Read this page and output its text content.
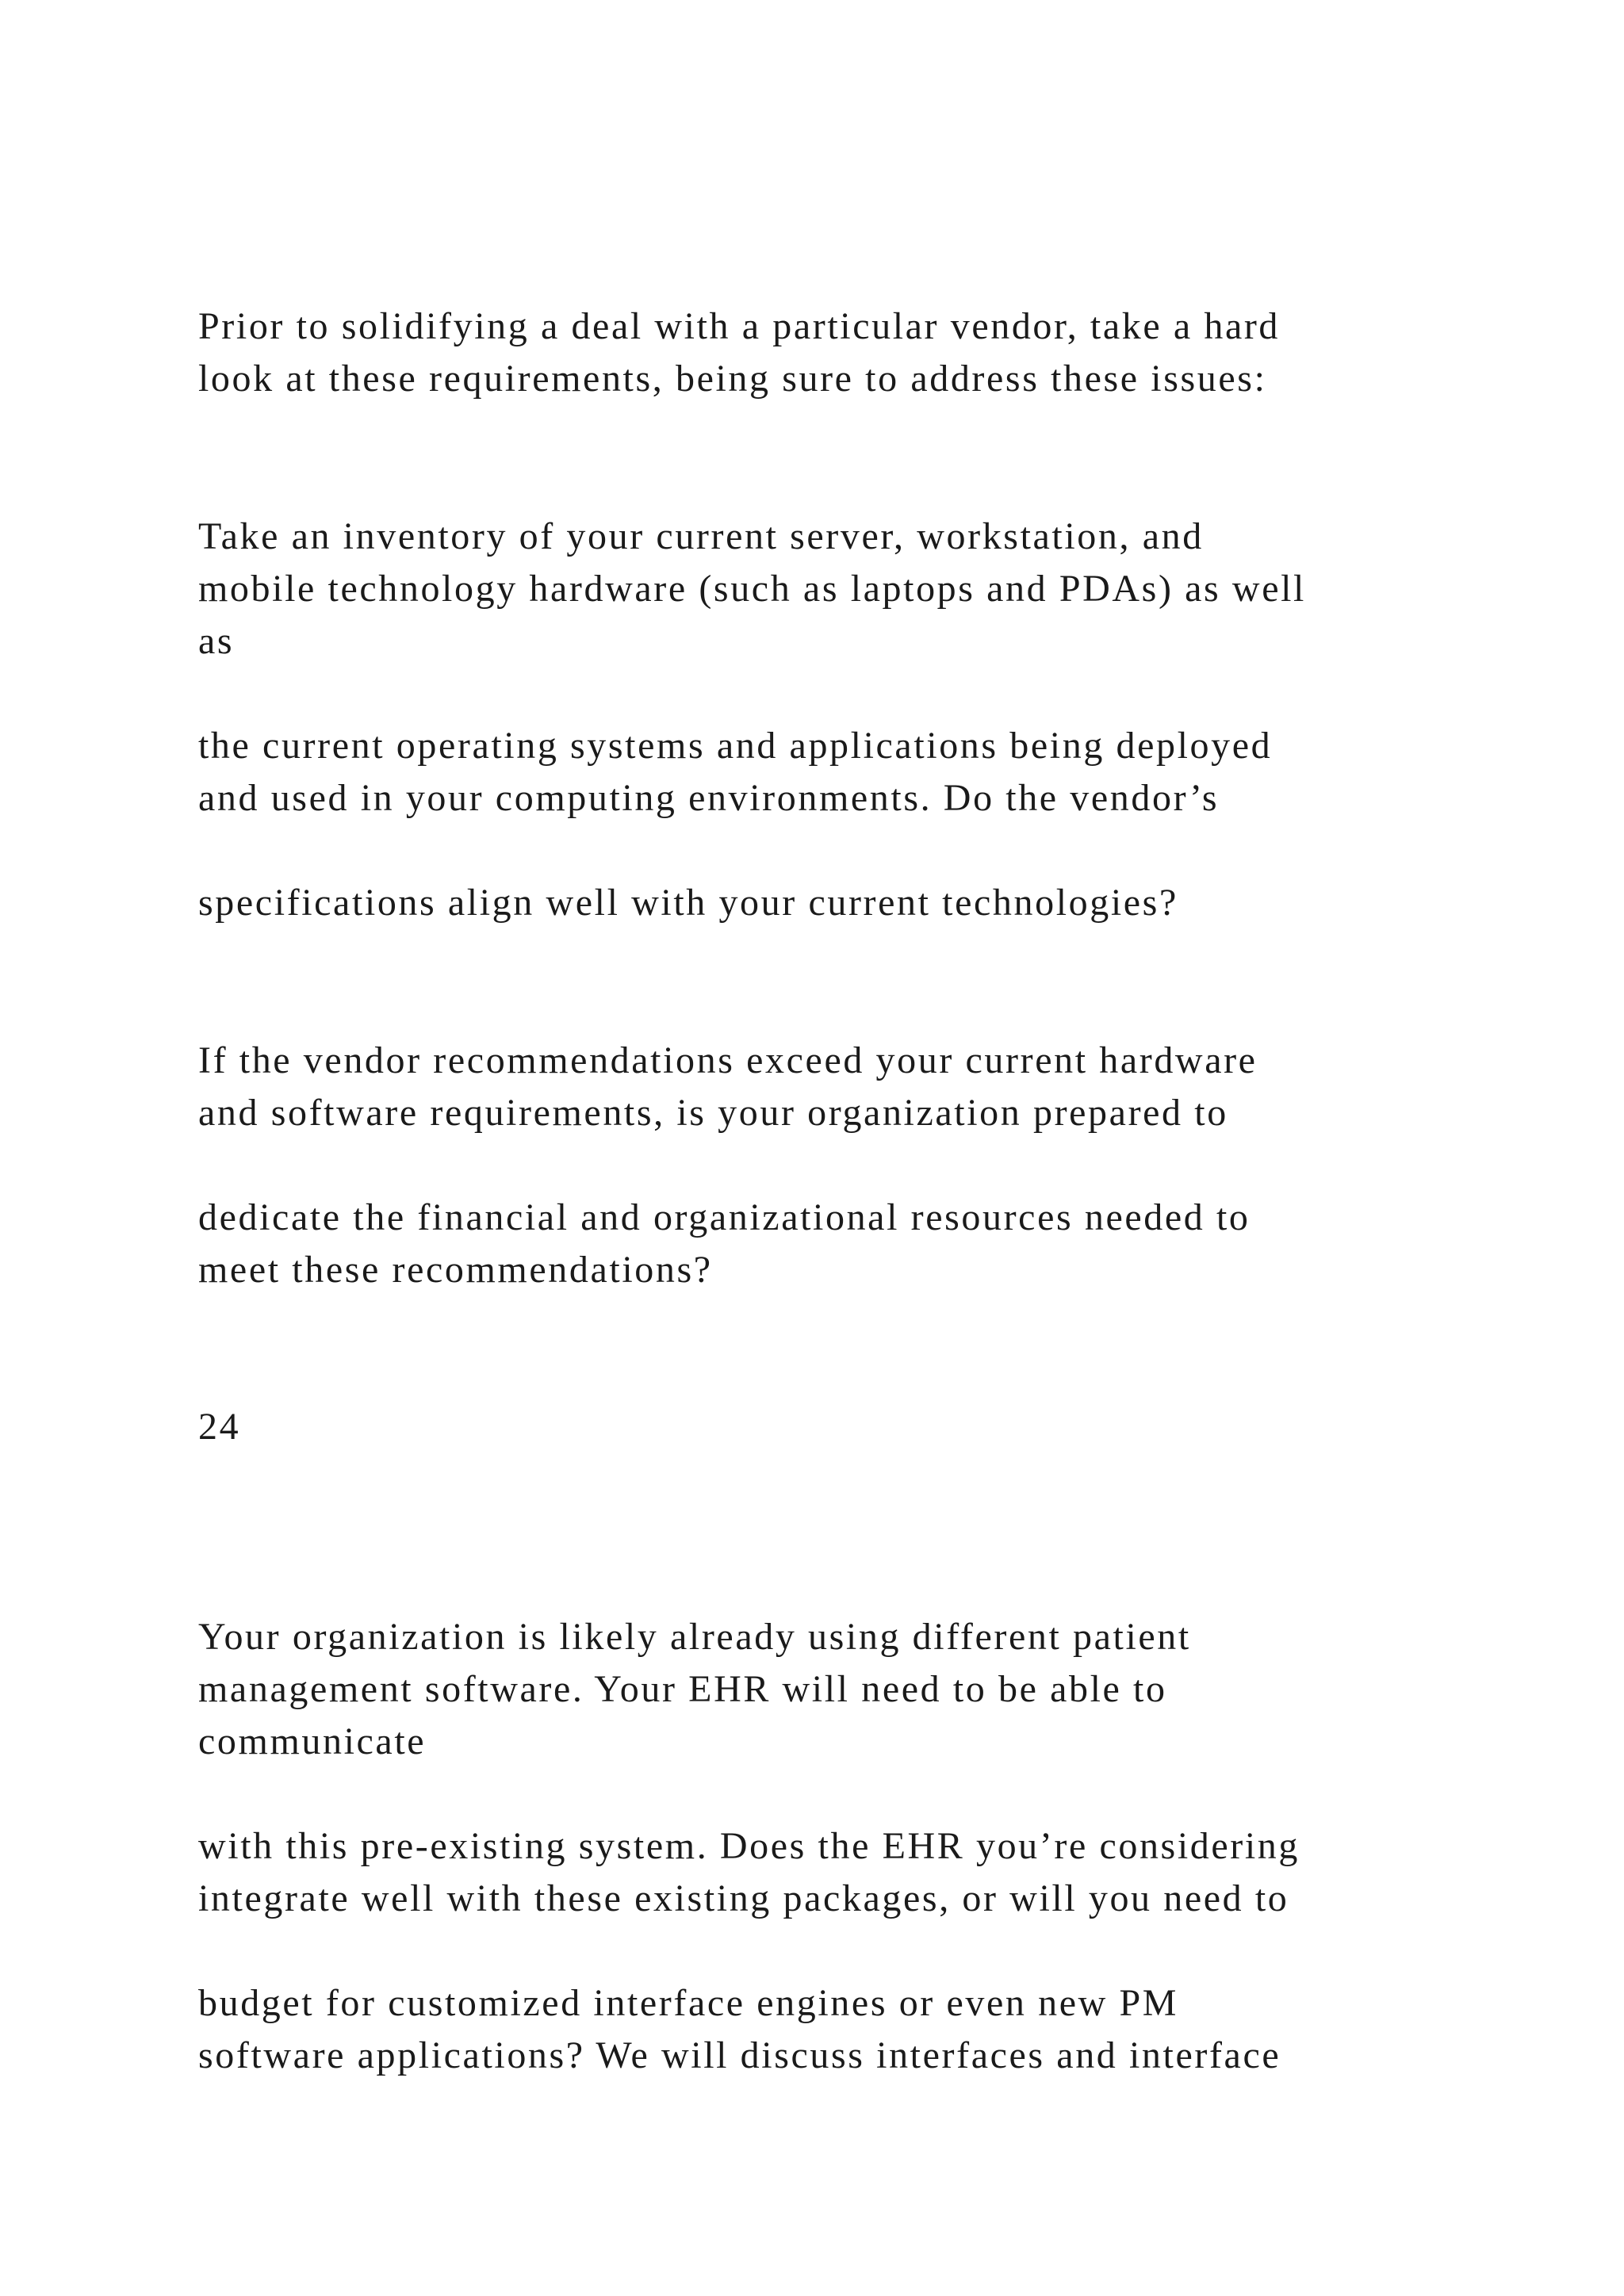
Prior to solidifying a deal with a particular vendor, take a hard

look at these requirements, being sure to address these issues:

Take an inventory of your current server, workstation, and

mobile technology hardware (such as laptops and PDAs) as well

as

the current operating systems and applications being deployed

and used in your computing environments. Do the vendor’s

specifications align well with your current technologies?

If the vendor recommendations exceed your current hardware

and software requirements, is your organization prepared to

dedicate the financial and organizational resources needed to

meet these recommendations?

24

Your organization is likely already using different patient

management software. Your EHR will need to be able to

communicate

with this pre-existing system. Does the EHR you’re considering

integrate well with these existing packages, or will you need to

budget for customized interface engines or even new PM

software applications? We will discuss interfaces and interface
